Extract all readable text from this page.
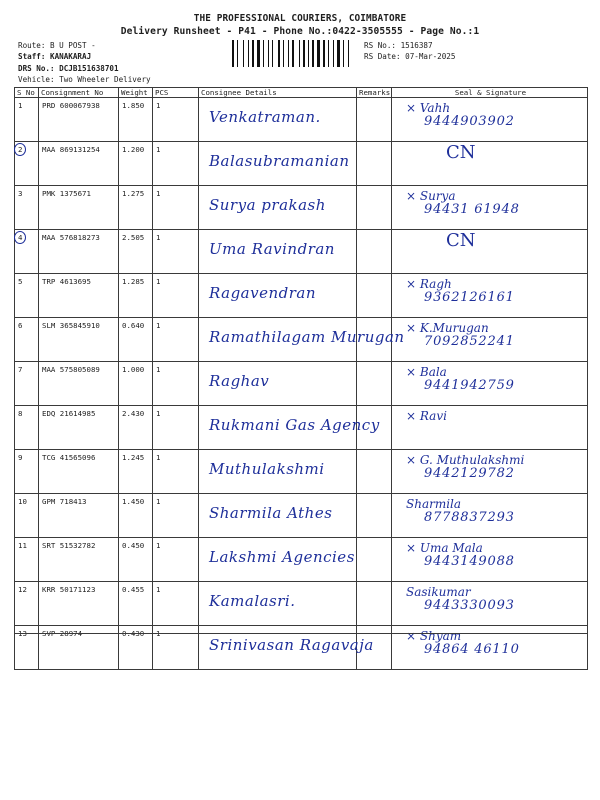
THE PROFESSIONAL COURIERS, COIMBATORE
Delivery Runsheet - P41 - Phone No.:0422-3505555 - Page No.:1
Route: B U POST -
Staff: KANAKARAJ
DRS No.: DCJB151638701
Vehicle: Two Wheeler Delivery
RS No.: 1516387
RS Date: 07-Mar-2025
S No	Consignment No	Weight	PCS	Consignee Details	Remarks	Seal & Signature
1	PRD 600067938	1.850	1	Venkatraman.		× Vahh
9444903902

2	MAA 869131254	1.200	1	Balasubramanian		CN

3	PMK 1375671	1.275	1	Surya prakash		× Surya
94431 61948

4	MAA 576818273	2.505	1	Uma Ravindran		CN

5	TRP 4613695	1.285	1	Ragavendran		× Ragh
9362126161

6	SLM 365845910	0.640	1	Ramathilagam Murugan		× K.Murugan
7092852241

7	MAA 575805089	1.000	1	Raghav		× Bala
9441942759

8	EDQ 21614985	2.430	1	Rukmani Gas Agency		× Ravi

9	TCG 41565096	1.245	1	Muthulakshmi		× G. Muthulakshmi
9442129782

10	GPM 718413	1.450	1	Sharmila Athes		Sharmila
8778837293

11	SRT 51532782	0.450	1	Lakshmi Agencies		× Uma Mala
9443149088

12	KRR 50171123	0.455	1	Kamalasri.		Sasikumar
9443330093

13	SVP 28974	0.430	1	Srinivasan Ragavaja		× Shyam
94864 46110
